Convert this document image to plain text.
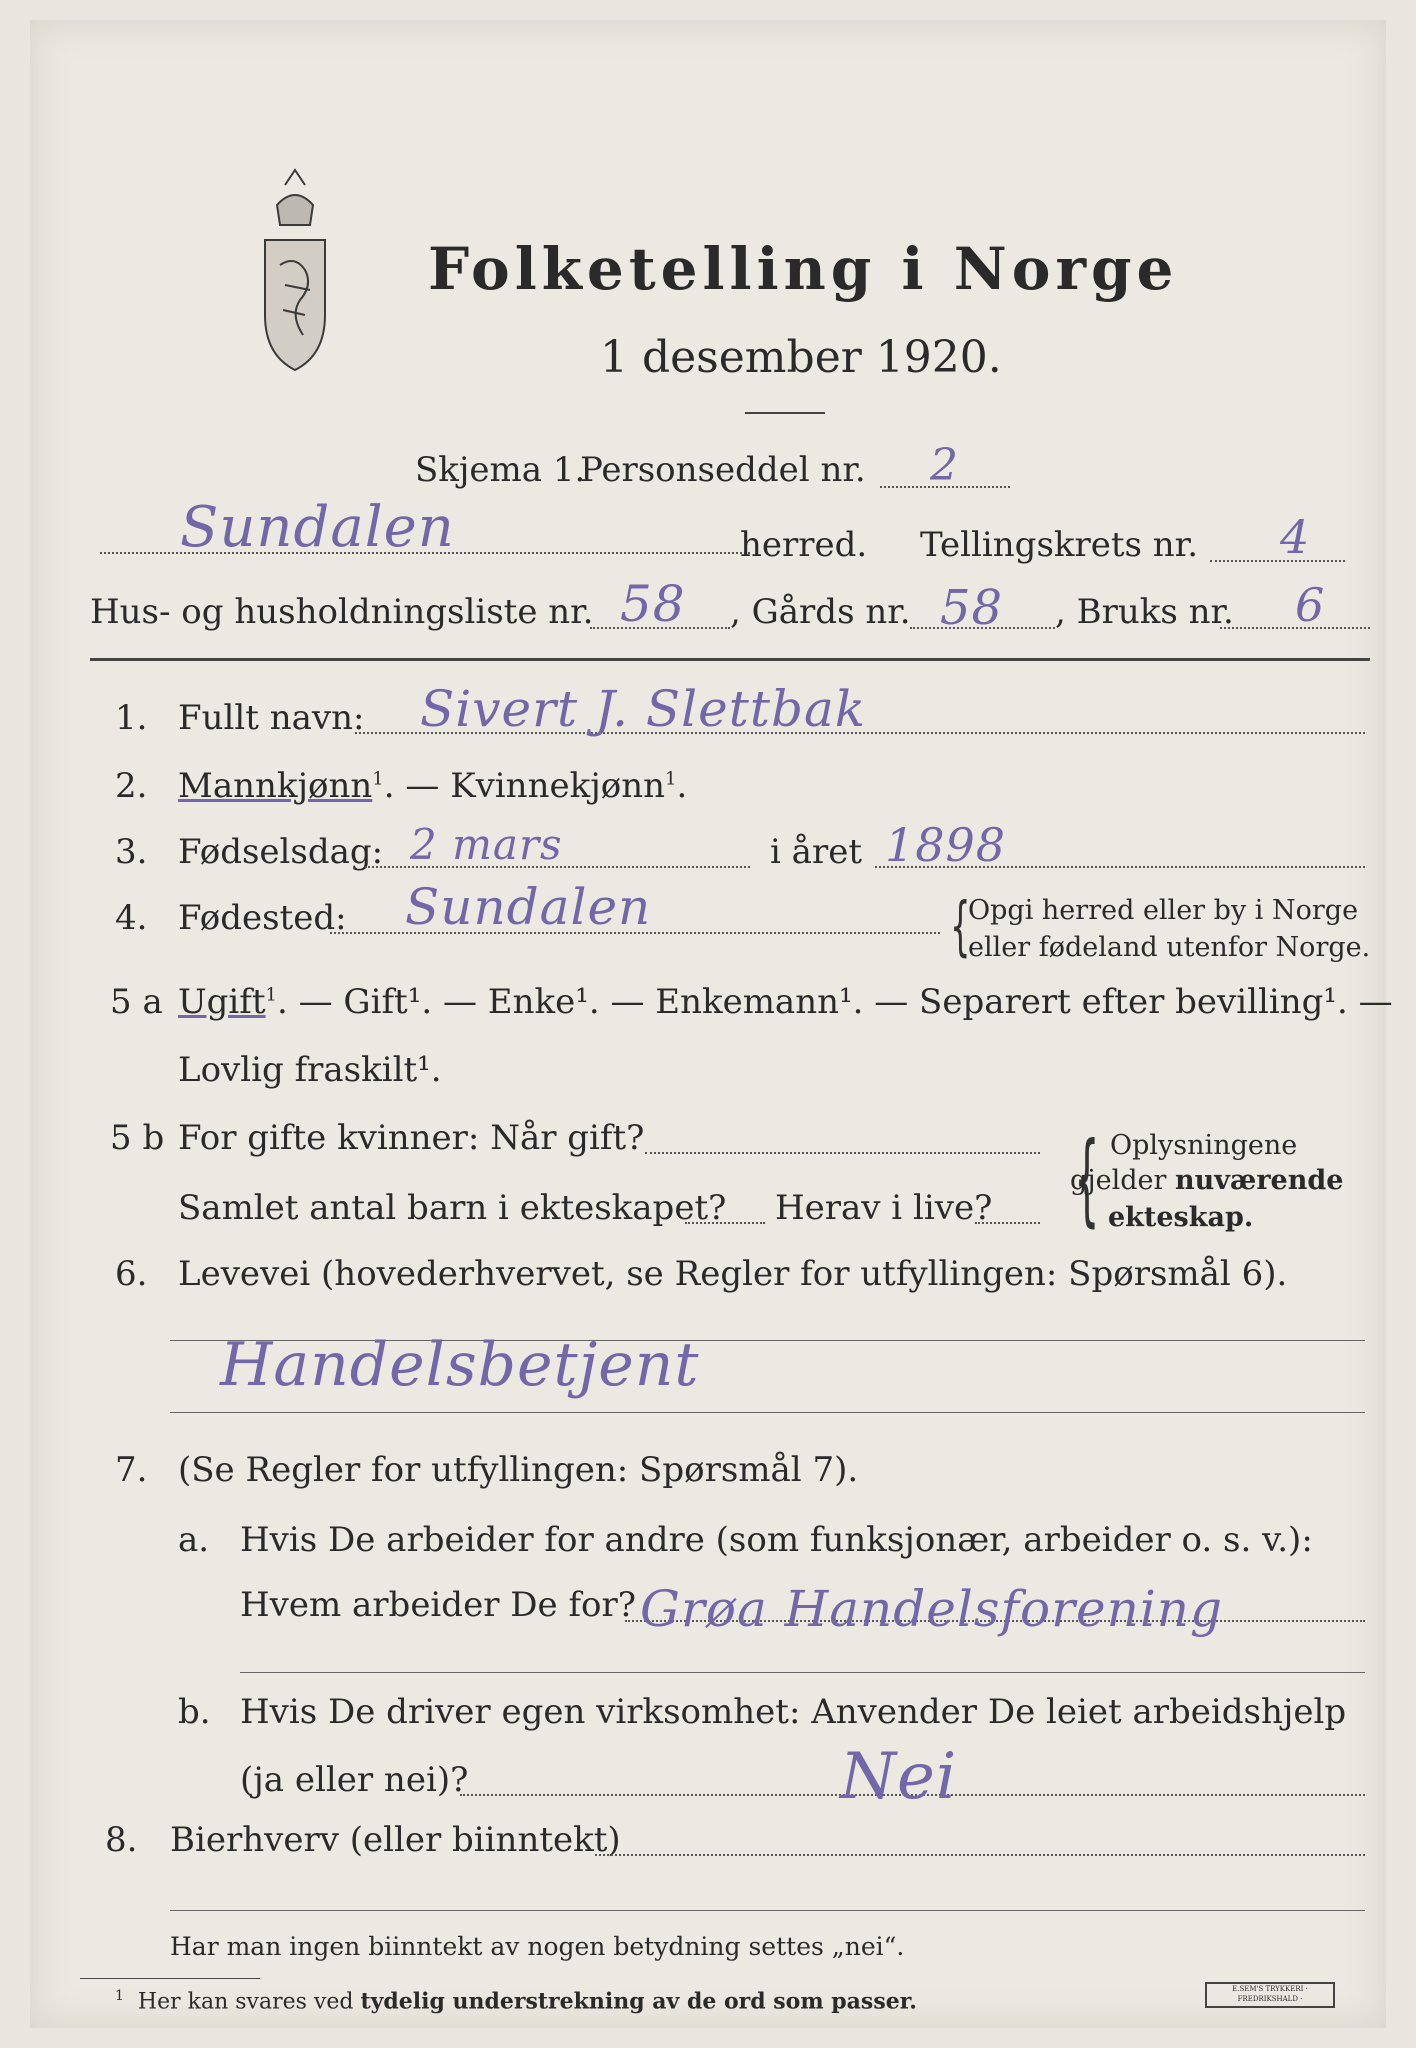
Folketelling i Norge
1 desember 1920.
Skjema 1.
Personseddel nr. 2
Sundalen	herred. Tellingskrets nr. 4
Hus- og husholdningsliste nr. 58 , Gårds nr. 58 , Bruks nr. 6
1. Fullt navn: Sivert J. Slettbak
2. Mannkjønn$^1$. — Kvinnekjønn$^1$.
3. Fødselsdag: 2 mars	i året 1898
4. Fødested: Sundalen	{
Opgi herred eller by i Norge
eller fødeland utenfor Norge.
5 a Ugift$^1$. — Gift¹. — Enke¹. — Enkemann¹. — Separert efter bevilling¹. —
Lovlig fraskilt¹.
5 b For gifte kvinner: Når gift?
Samlet antal barn i ekteskapet? Herav i live? { Oplysningene
gjelder nuværende
ekteskap.
6. Levevei (hovederhvervet, se Regler for utfyllingen: Spørsmål 6).
Handelsbetjent
7. (Se Regler for utfyllingen: Spørsmål 7).
a. Hvis De arbeider for andre (som funksjonær, arbeider o. s. v.):
Hvem arbeider De for? Grøa Handelsforening
b. Hvis De driver egen virksomhet: Anvender De leiet arbeidshjelp
(ja eller nei)?	Nei
8. Bierhverv (eller biinntekt)
Har man ingen biinntekt av nogen betydning settes „nei“.
$^1$ Her kan svares ved tydelig understrekning av de ord som passer.	E.SEM'S TRYKKERI · FREDRIKSHALD ·
